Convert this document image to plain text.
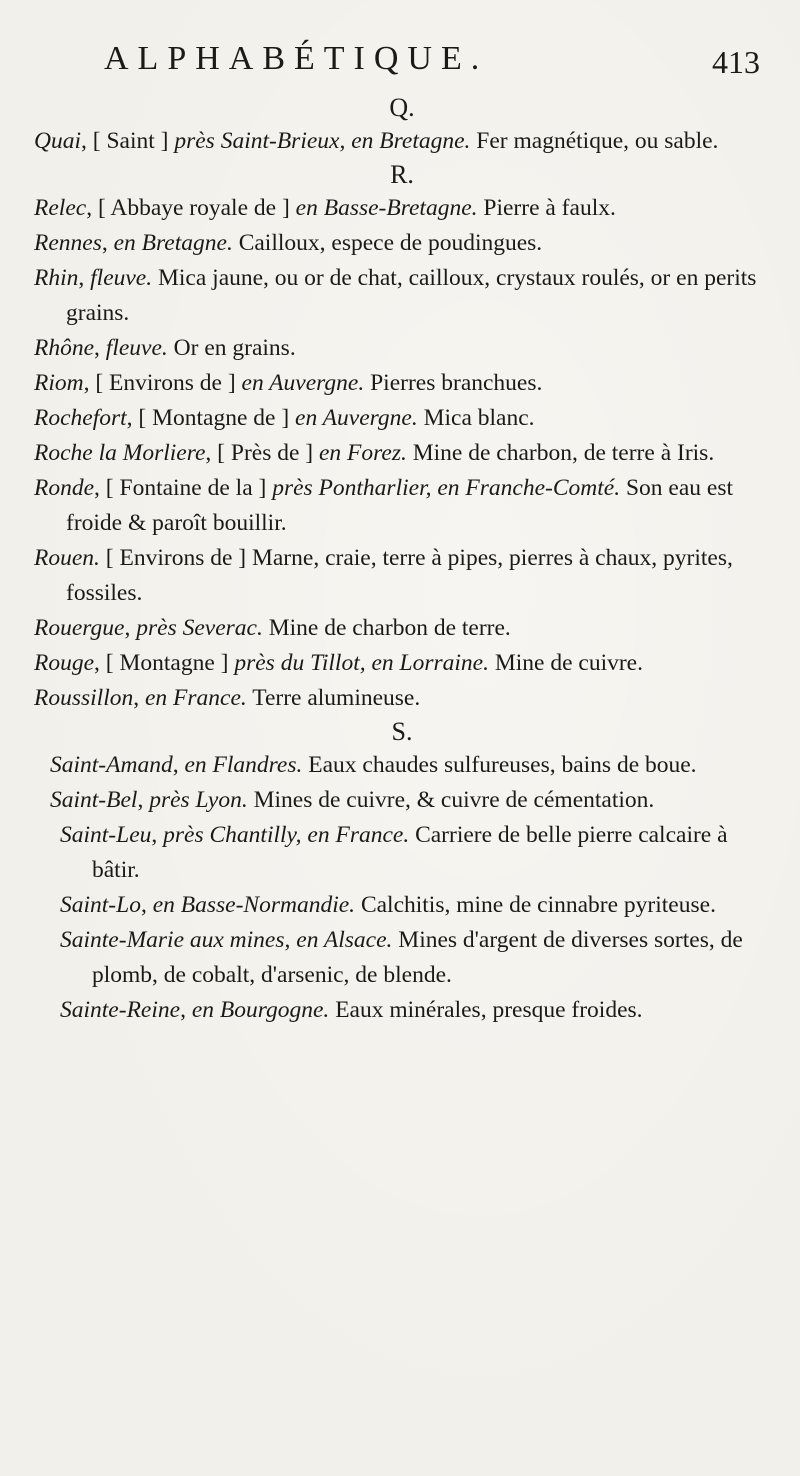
ALPHABÉTIQUE.	413

Q.

Quai, [ Saint ] près Saint-Brieux, en Bretagne. Fer magnétique, ou sable.

R.

Relec, [ Abbaye royale de ] en Basse-Bretagne. Pierre à faulx.
Rennes, en Bretagne. Cailloux, espece de poudingues.
Rhin, fleuve. Mica jaune, ou or de chat, cailloux, crystaux roulés, or en perits grains.
Rhône, fleuve. Or en grains.
Riom, [ Environs de ] en Auvergne. Pierres branchues.
Rochefort, [ Montagne de ] en Auvergne. Mica blanc.
Roche la Morliere, [ Près de ] en Forez. Mine de charbon, de terre à Iris.
Ronde, [ Fontaine de la ] près Pontharlier, en Franche-Comté. Son eau est froide & paroît bouillir.
Rouen. [ Environs de ] Marne, craie, terre à pipes, pierres à chaux, pyrites, fossiles.
Rouergue, près Severac. Mine de charbon de terre.
Rouge, [ Montagne ] près du Tillot, en Lorraine. Mine de cuivre.
Roussillon, en France. Terre alumineuse.

S.

Saint-Amand, en Flandres. Eaux chaudes sulfureuses, bains de boue.
Saint-Bel, près Lyon. Mines de cuivre, & cuivre de cémentation.
Saint-Leu, près Chantilly, en France. Carriere de belle pierre calcaire à bâtir.
Saint-Lo, en Basse-Normandie. Calchitis, mine de cinnabre pyriteuse.
Sainte-Marie aux mines, en Alsace. Mines d'argent de diverses sortes, de plomb, de cobalt, d'arsenic, de blende.
Sainte-Reine, en Bourgogne. Eaux minérales, presque froides.
